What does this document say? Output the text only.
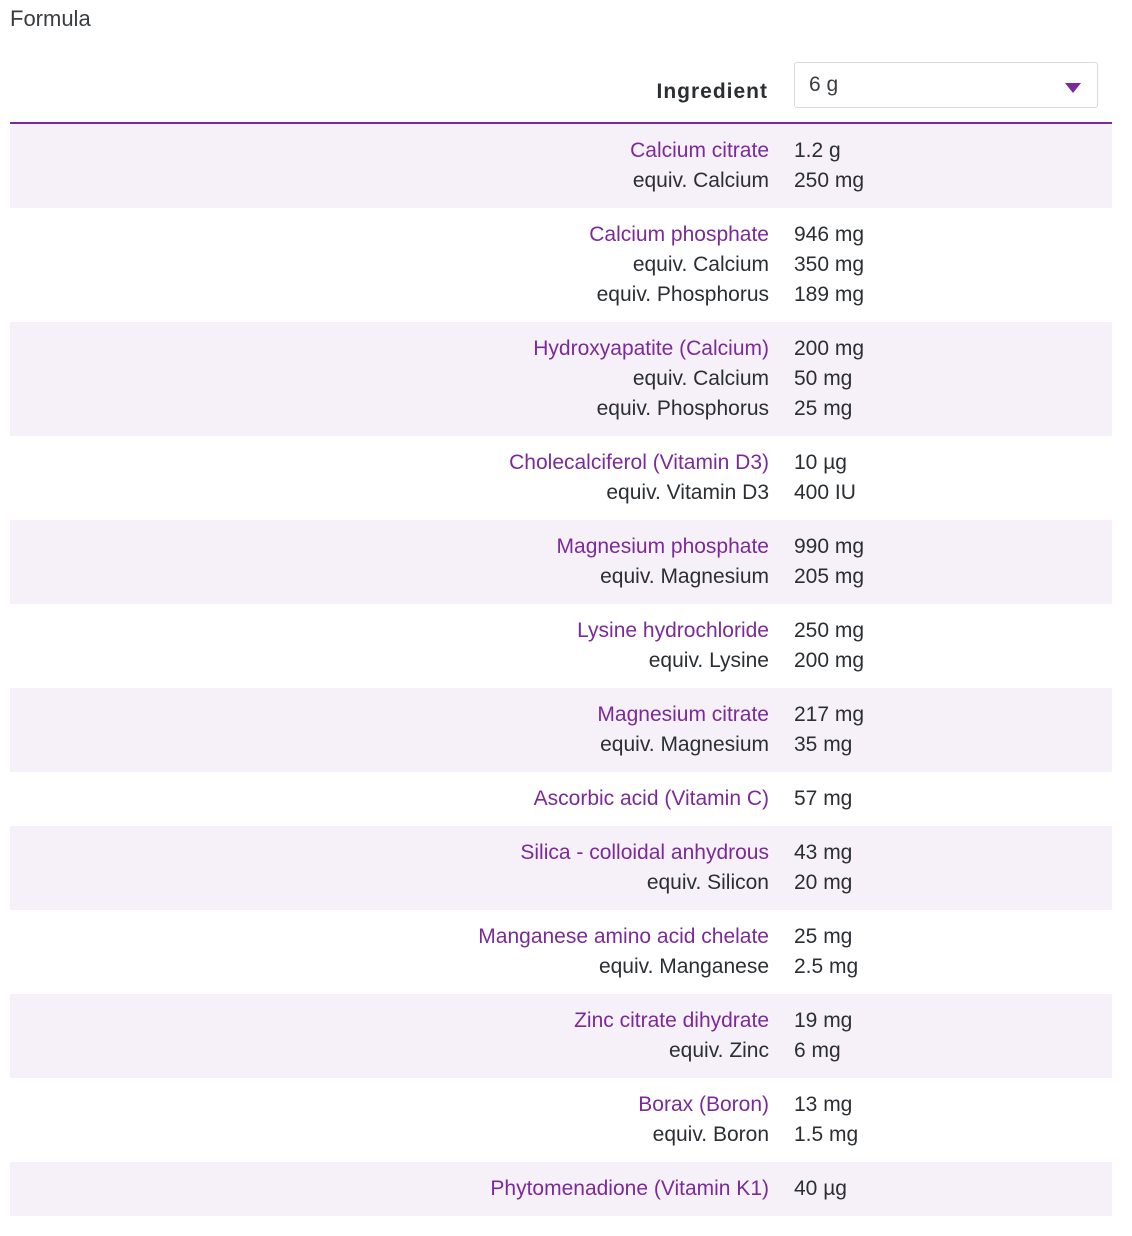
Formula
Ingredient 6 g
Calcium citrate	1.2 g
equiv. Calcium	250 mg
Calcium phosphate	946 mg
equiv. Calcium	350 mg
equiv. Phosphorus	189 mg
Hydroxyapatite (Calcium)	200 mg
equiv. Calcium	50 mg
equiv. Phosphorus	25 mg
Cholecalciferol (Vitamin D3)	10 µg
equiv. Vitamin D3	400 IU
Magnesium phosphate	990 mg
equiv. Magnesium	205 mg
Lysine hydrochloride	250 mg
equiv. Lysine	200 mg
Magnesium citrate	217 mg
equiv. Magnesium	35 mg
Ascorbic acid (Vitamin C)	57 mg
Silica - colloidal anhydrous	43 mg
equiv. Silicon	20 mg
Manganese amino acid chelate	25 mg
equiv. Manganese	2.5 mg
Zinc citrate dihydrate	19 mg
equiv. Zinc	6 mg
Borax (Boron)	13 mg
equiv. Boron	1.5 mg
Phytomenadione (Vitamin K1)	40 µg
